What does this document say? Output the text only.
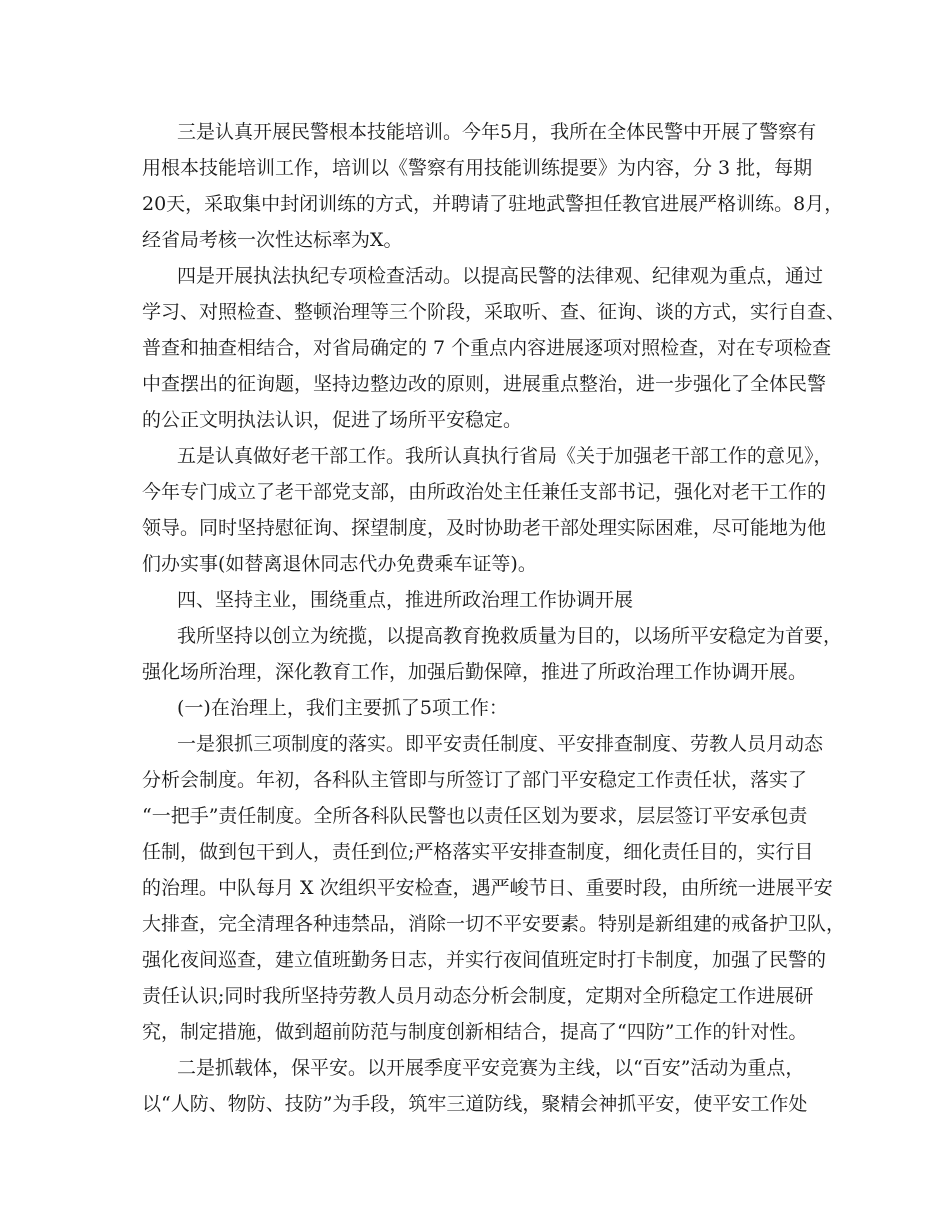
三是认真开展民警根本技能培训。今年5月，我所在全体民警中开展了警察有
用根本技能培训工作，培训以《警察有用技能训练提要》为内容，分 3 批，每期
20天，采取集中封闭训练的方式，并聘请了驻地武警担任教官进展严格训练。8月，
经省局考核一次性达标率为X。
四是开展执法执纪专项检查活动。以提高民警的法律观、纪律观为重点，通过
学习、对照检查、整顿治理等三个阶段，采取听、查、征询、谈的方式，实行自查、
普查和抽查相结合，对省局确定的 7 个重点内容进展逐项对照检查，对在专项检查
中查摆出的征询题，坚持边整边改的原则，进展重点整治，进一步强化了全体民警
的公正文明执法认识，促进了场所平安稳定。
五是认真做好老干部工作。我所认真执行省局《关于加强老干部工作的意见》，
今年专门成立了老干部党支部，由所政治处主任兼任支部书记，强化对老干工作的
领导。同时坚持慰征询、探望制度，及时协助老干部处理实际困难，尽可能地为他
们办实事(如替离退休同志代办免费乘车证等)。
四、坚持主业，围绕重点，推进所政治理工作协调开展
我所坚持以创立为统揽，以提高教育挽救质量为目的，以场所平安稳定为首要，
强化场所治理，深化教育工作，加强后勤保障，推进了所政治理工作协调开展。
(一)在治理上，我们主要抓了5项工作：
一是狠抓三项制度的落实。即平安责任制度、平安排查制度、劳教人员月动态
分析会制度。年初，各科队主管即与所签订了部门平安稳定工作责任状，落实了
“一把手”责任制度。全所各科队民警也以责任区划为要求，层层签订平安承包责
任制，做到包干到人，责任到位;严格落实平安排查制度，细化责任目的，实行目
的治理。中队每月 X 次组织平安检查，遇严峻节日、重要时段，由所统一进展平安
大排查，完全清理各种违禁品，消除一切不平安要素。特别是新组建的戒备护卫队，
强化夜间巡查，建立值班勤务日志，并实行夜间值班定时打卡制度，加强了民警的
责任认识;同时我所坚持劳教人员月动态分析会制度，定期对全所稳定工作进展研
究，制定措施，做到超前防范与制度创新相结合，提高了“四防”工作的针对性。
二是抓载体，保平安。以开展季度平安竞赛为主线，以“百安”活动为重点，
以“人防、物防、技防”为手段，筑牢三道防线，聚精会神抓平安，使平安工作处
